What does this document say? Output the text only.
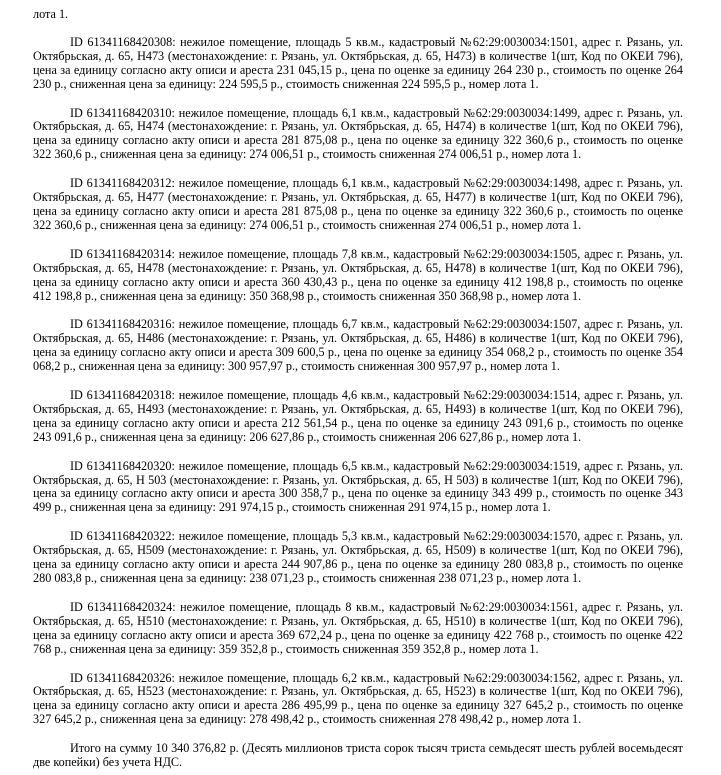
лота 1.

ID 61341168420308: нежилое помещение, площадь 5 кв.м., кадастровый №62:29:0030034:1501, адрес г. Рязань, ул. Октябрьская, д. 65, Н473 (местонахождение: г. Рязань, ул. Октябрьская, д. 65, Н473) в количестве 1(шт, Код по ОКЕИ 796), цена за единицу согласно акту описи и ареста 231 045,15 р., цена по оценке за единицу 264 230 р., стоимость по оценке 264 230 р., сниженная цена за единицу: 224 595,5 р., стоимость сниженная 224 595,5 р., номер лота 1.

ID 61341168420310: нежилое помещение, площадь 6,1 кв.м., кадастровый №62:29:0030034:1499, адрес г. Рязань, ул. Октябрьская, д. 65, Н474 (местонахождение: г. Рязань, ул. Октябрьская, д. 65, Н474) в количестве 1(шт, Код по ОКЕИ 796), цена за единицу согласно акту описи и ареста 281 875,08 р., цена по оценке за единицу 322 360,6 р., стоимость по оценке 322 360,6 р., сниженная цена за единицу: 274 006,51 р., стоимость сниженная 274 006,51 р., номер лота 1.

ID 61341168420312: нежилое помещение, площадь 6,1 кв.м., кадастровый №62:29:0030034:1498, адрес г. Рязань, ул. Октябрьская, д. 65, Н477 (местонахождение: г. Рязань, ул. Октябрьская, д. 65, Н477) в количестве 1(шт, Код по ОКЕИ 796), цена за единицу согласно акту описи и ареста 281 875,08 р., цена по оценке за единицу 322 360,6 р., стоимость по оценке 322 360,6 р., сниженная цена за единицу: 274 006,51 р., стоимость сниженная 274 006,51 р., номер лота 1.

ID 61341168420314: нежилое помещение, площадь 7,8 кв.м., кадастровый №62:29:0030034:1505, адрес г. Рязань, ул. Октябрьская, д. 65, Н478 (местонахождение: г. Рязань, ул. Октябрьская, д. 65, Н478) в количестве 1(шт, Код по ОКЕИ 796), цена за единицу согласно акту описи и ареста 360 430,43 р., цена по оценке за единицу 412 198,8 р., стоимость по оценке 412 198,8 р., сниженная цена за единицу: 350 368,98 р., стоимость сниженная 350 368,98 р., номер лота 1.

ID 61341168420316: нежилое помещение, площадь 6,7 кв.м., кадастровый №62:29:0030034:1507, адрес г. Рязань, ул. Октябрьская, д. 65, Н486 (местонахождение: г. Рязань, ул. Октябрьская, д. 65, Н486) в количестве 1(шт, Код по ОКЕИ 796), цена за единицу согласно акту описи и ареста 309 600,5 р., цена по оценке за единицу 354 068,2 р., стоимость по оценке 354 068,2 р., сниженная цена за единицу: 300 957,97 р., стоимость сниженная 300 957,97 р., номер лота 1.

ID 61341168420318: нежилое помещение, площадь 4,6 кв.м., кадастровый №62:29:0030034:1514, адрес г. Рязань, ул. Октябрьская, д. 65, Н493 (местонахождение: г. Рязань, ул. Октябрьская, д. 65, Н493) в количестве 1(шт, Код по ОКЕИ 796), цена за единицу согласно акту описи и ареста 212 561,54 р., цена по оценке за единицу 243 091,6 р., стоимость по оценке 243 091,6 р., сниженная цена за единицу: 206 627,86 р., стоимость сниженная 206 627,86 р., номер лота 1.

ID 61341168420320: нежилое помещение, площадь 6,5 кв.м., кадастровый №62:29:0030034:1519, адрес г. Рязань, ул. Октябрьская, д. 65, Н 503 (местонахождение: г. Рязань, ул. Октябрьская, д. 65, Н 503) в количестве 1(шт, Код по ОКЕИ 796), цена за единицу согласно акту описи и ареста 300 358,7 р., цена по оценке за единицу 343 499 р., стоимость по оценке 343 499 р., сниженная цена за единицу: 291 974,15 р., стоимость сниженная 291 974,15 р., номер лота 1.

ID 61341168420322: нежилое помещение, площадь 5,3 кв.м., кадастровый №62:29:0030034:1570, адрес г. Рязань, ул. Октябрьская, д. 65, Н509 (местонахождение: г. Рязань, ул. Октябрьская, д. 65, Н509) в количестве 1(шт, Код по ОКЕИ 796), цена за единицу согласно акту описи и ареста 244 907,86 р., цена по оценке за единицу 280 083,8 р., стоимость по оценке 280 083,8 р., сниженная цена за единицу: 238 071,23 р., стоимость сниженная 238 071,23 р., номер лота 1.

ID 61341168420324: нежилое помещение, площадь 8 кв.м., кадастровый №62:29:0030034:1561, адрес г. Рязань, ул. Октябрьская, д. 65, Н510 (местонахождение: г. Рязань, ул. Октябрьская, д. 65, Н510) в количестве 1(шт, Код по ОКЕИ 796), цена за единицу согласно акту описи и ареста 369 672,24 р., цена по оценке за единицу 422 768 р., стоимость по оценке 422 768 р., сниженная цена за единицу: 359 352,8 р., стоимость сниженная 359 352,8 р., номер лота 1.

ID 61341168420326: нежилое помещение, площадь 6,2 кв.м., кадастровый №62:29:0030034:1562, адрес г. Рязань, ул. Октябрьская, д. 65, Н523 (местонахождение: г. Рязань, ул. Октябрьская, д. 65, Н523) в количестве 1(шт, Код по ОКЕИ 796), цена за единицу согласно акту описи и ареста 286 495,99 р., цена по оценке за единицу 327 645,2 р., стоимость по оценке 327 645,2 р., сниженная цена за единицу: 278 498,42 р., стоимость сниженная 278 498,42 р., номер лота 1.

Итого на сумму 10 340 376,82 р. (Десять миллионов триста сорок тысяч триста семьдесят шесть рублей восемьдесят две копейки) без учета НДС.
